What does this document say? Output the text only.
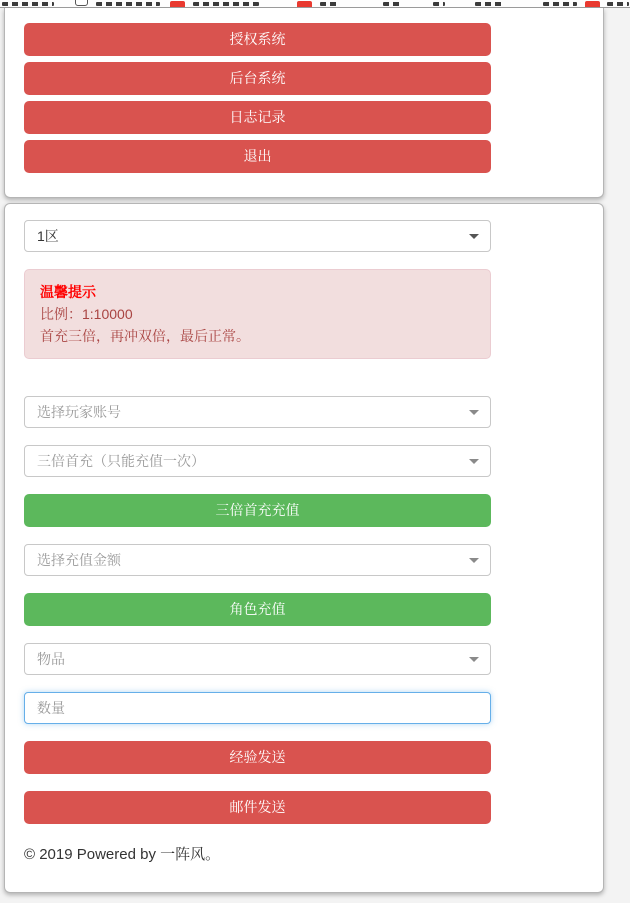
授权系统
后台系统
日志记录
退出
1区
温馨提示
比例：1:10000
首充三倍，再冲双倍，最后正常。
选择玩家账号
三倍首充（只能充值一次）
三倍首充充值
选择充值金额
角色充值
物品
数量
经验发送
邮件发送
© 2019 Powered by 一阵风。
